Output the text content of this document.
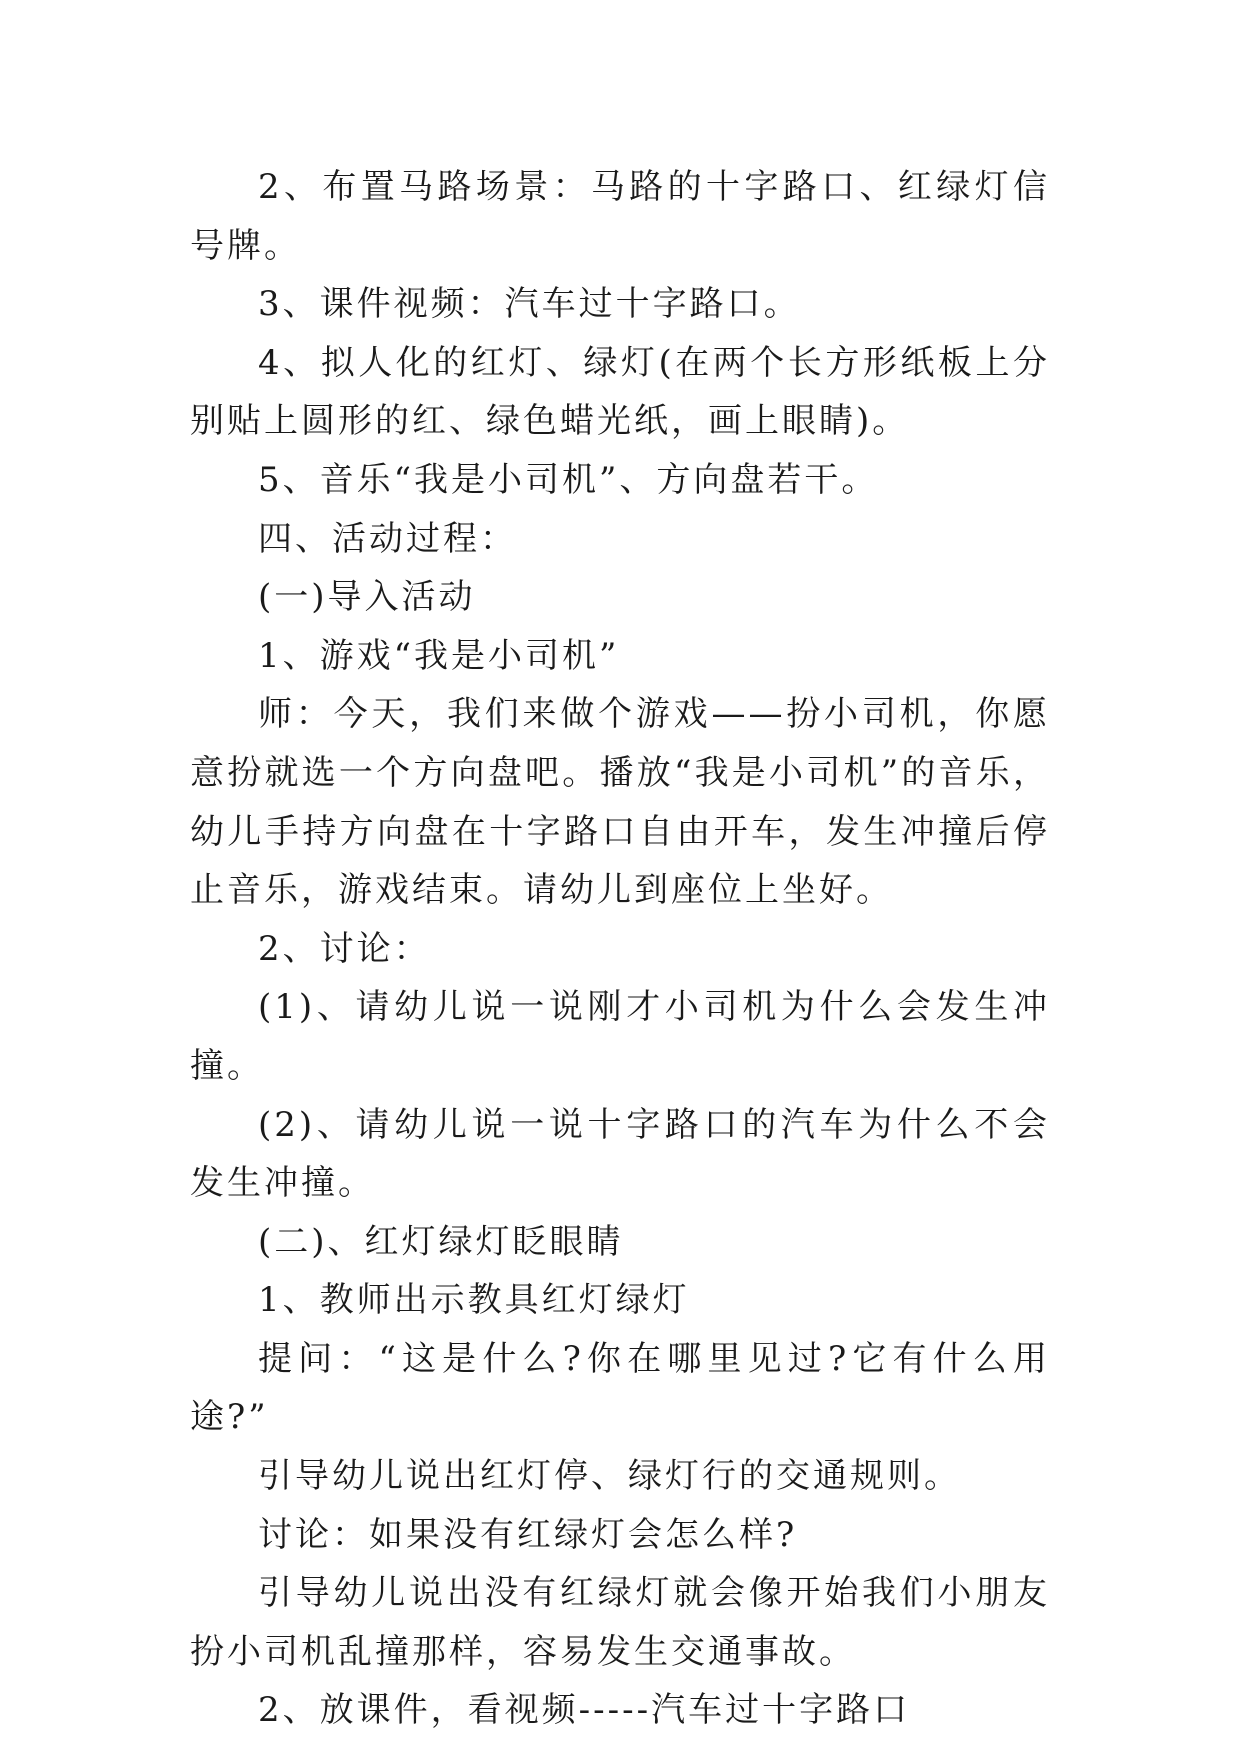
2、布置马路场景：马路的十字路口、红绿灯信号牌。

3、课件视频：汽车过十字路口。

4、拟人化的红灯、绿灯(在两个长方形纸板上分别贴上圆形的红、绿色蜡光纸，画上眼睛)。

5、音乐“我是小司机”、方向盘若干。

四、活动过程：

(一)导入活动

1、游戏“我是小司机”

师：今天，我们来做个游戏——扮小司机，你愿意扮就选一个方向盘吧。播放“我是小司机”的音乐，幼儿手持方向盘在十字路口自由开车，发生冲撞后停止音乐，游戏结束。请幼儿到座位上坐好。

2、讨论：

(1)、请幼儿说一说刚才小司机为什么会发生冲撞。

(2)、请幼儿说一说十字路口的汽车为什么不会发生冲撞。

(二)、红灯绿灯眨眼睛

1、教师出示教具红灯绿灯

提问：“这是什么?你在哪里见过?它有什么用途?”

引导幼儿说出红灯停、绿灯行的交通规则。

讨论：如果没有红绿灯会怎么样?

引导幼儿说出没有红绿灯就会像开始我们小朋友扮小司机乱撞那样，容易发生交通事故。

2、放课件，看视频-----汽车过十字路口
